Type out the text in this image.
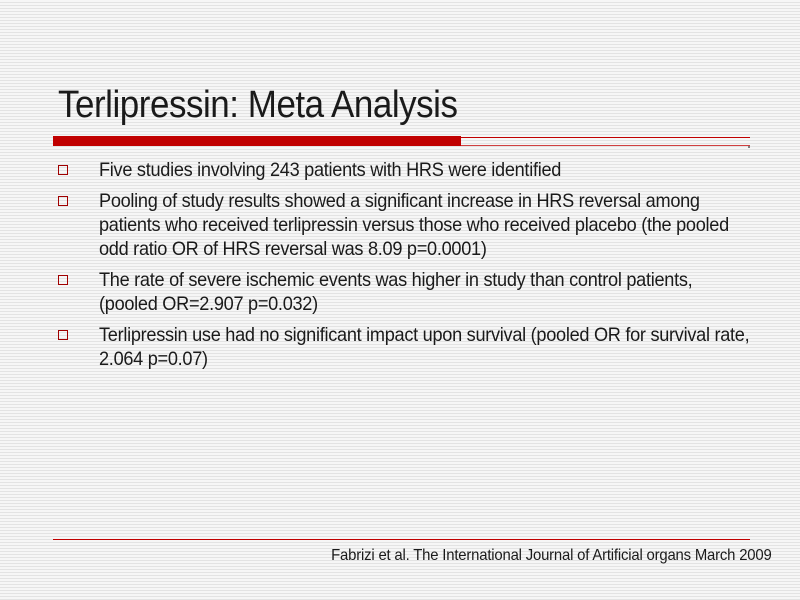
Terlipressin: Meta Analysis
Five studies involving 243 patients with HRS were identified
Pooling of study results showed a significant increase in HRS reversal among patients who received terlipressin versus those who received placebo (the pooled odd ratio OR of HRS reversal was 8.09 p=0.0001)
The rate of severe ischemic events was higher in study than control patients, (pooled OR=2.907 p=0.032)
Terlipressin use had no significant impact upon survival (pooled OR for survival rate, 2.064 p=0.07)
Fabrizi et al. The International Journal of Artificial organs March 2009
